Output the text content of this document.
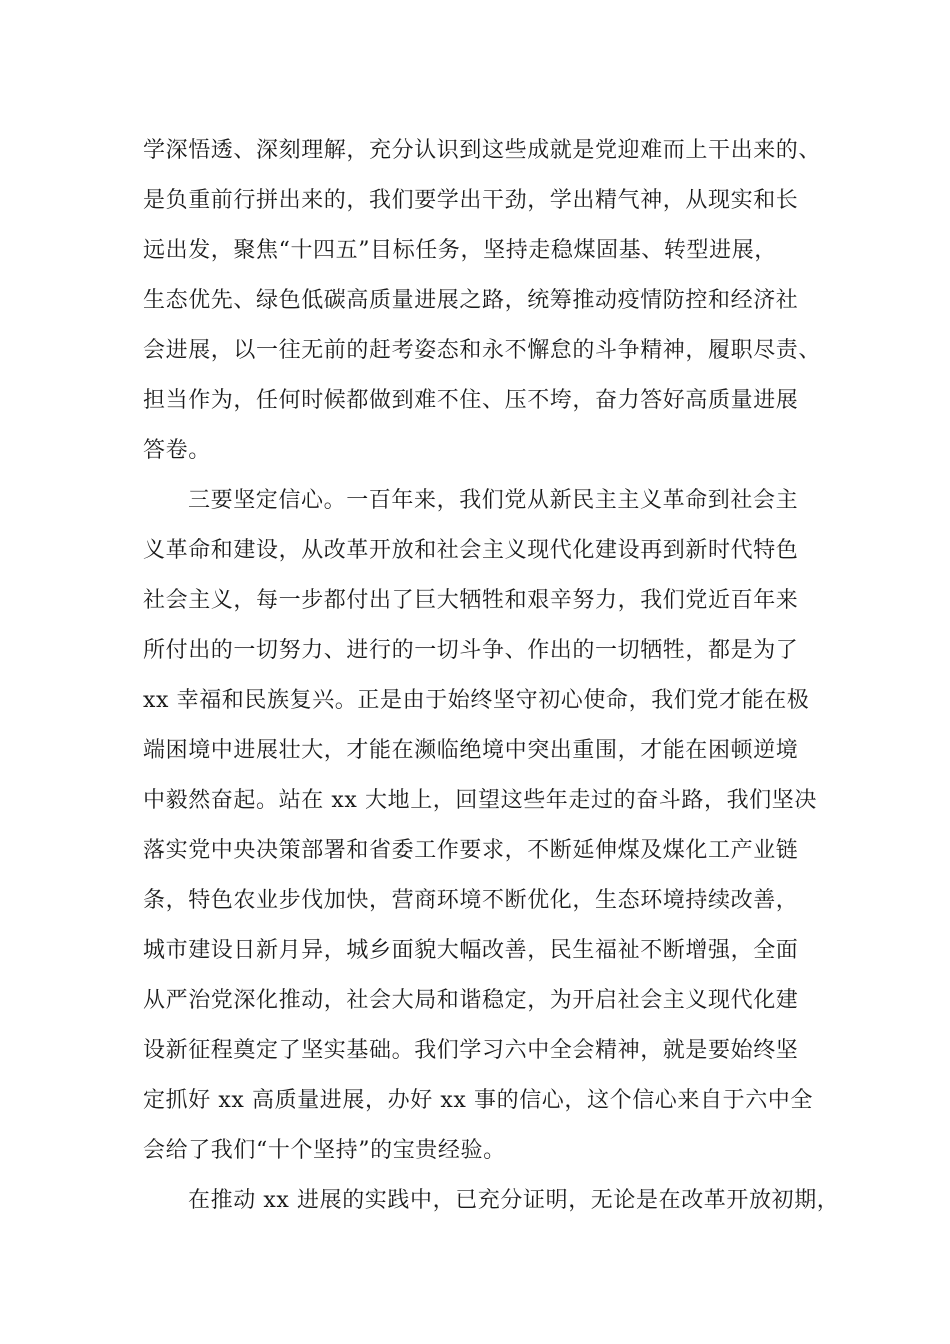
学深悟透、深刻理解，充分认识到这些成就是党迎难而上干出来的、
是负重前行拼出来的，我们要学出干劲，学出精气神，从现实和长
远出发，聚焦“十四五”目标任务，坚持走稳煤固基、转型进展，
生态优先、绿色低碳高质量进展之路，统筹推动疫情防控和经济社
会进展，以一往无前的赶考姿态和永不懈怠的斗争精神，履职尽责、
担当作为，任何时候都做到难不住、压不垮，奋力答好高质量进展
答卷。
三要坚定信心。一百年来，我们党从新民主主义革命到社会主
义革命和建设，从改革开放和社会主义现代化建设再到新时代特色
社会主义，每一步都付出了巨大牺牲和艰辛努力，我们党近百年来
所付出的一切努力、进行的一切斗争、作出的一切牺牲，都是为了
xx 幸福和民族复兴。正是由于始终坚守初心使命，我们党才能在极
端困境中进展壮大，才能在濒临绝境中突出重围，才能在困顿逆境
中毅然奋起。站在 xx 大地上，回望这些年走过的奋斗路，我们坚决
落实党中央决策部署和省委工作要求，不断延伸煤及煤化工产业链
条，特色农业步伐加快，营商环境不断优化，生态环境持续改善，
城市建设日新月异，城乡面貌大幅改善，民生福祉不断增强，全面
从严治党深化推动，社会大局和谐稳定，为开启社会主义现代化建
设新征程奠定了坚实基础。我们学习六中全会精神，就是要始终坚
定抓好 xx 高质量进展，办好 xx 事的信心，这个信心来自于六中全
会给了我们“十个坚持”的宝贵经验。
在推动 xx 进展的实践中，已充分证明，无论是在改革开放初期，
